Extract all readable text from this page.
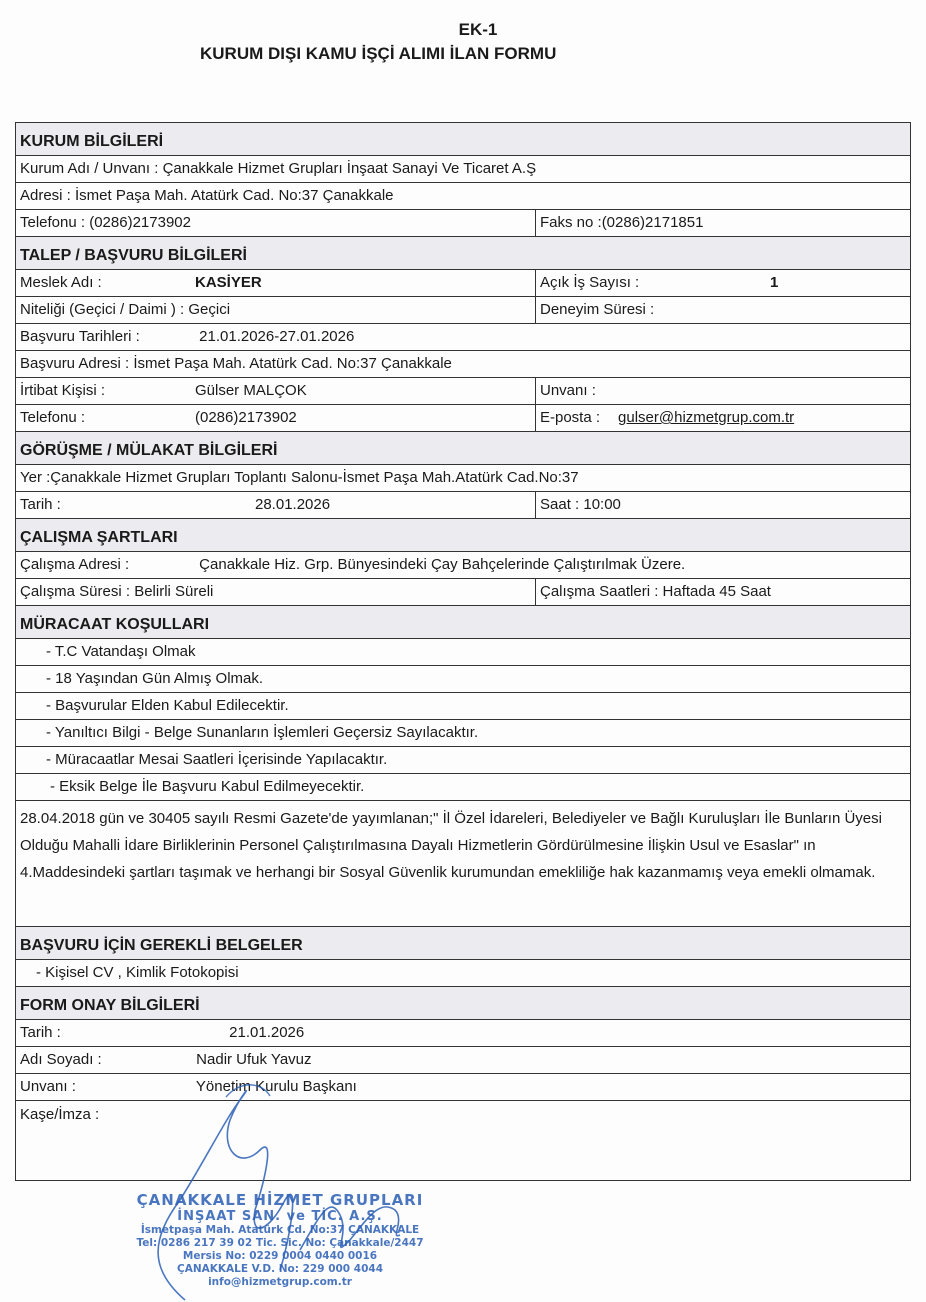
EK-1
KURUM DIŞI KAMU İŞÇİ ALIMI İLAN FORMU
KURUM BİLGİLERİ
Kurum Adı / Unvanı : Çanakkale Hizmet Grupları İnşaat Sanayi Ve Ticaret A.Ş
Adresi : İsmet Paşa Mah. Atatürk Cad. No:37 Çanakkale
Telefonu : (0286)2173902	Faks no :(0286)2171851
TALEP / BAŞVURU BİLGİLERİ
Meslek Adı :	KASİYER	Açık İş Sayısı :	1
Niteliği (Geçici / Daimi ) : Geçici	Deneyim Süresi :
Başvuru Tarihleri :	21.01.2026-27.01.2026
Başvuru Adresi : İsmet Paşa Mah. Atatürk Cad. No:37 Çanakkale
İrtibat Kişisi :	Gülser MALÇOK	Unvanı :
Telefonu :	(0286)2173902	E-posta : gulser@hizmetgrup.com.tr
GÖRÜŞME / MÜLAKAT BİLGİLERİ
Yer :Çanakkale Hizmet Grupları Toplantı Salonu-İsmet Paşa Mah.Atatürk Cad.No:37
Tarih :	28.01.2026	Saat : 10:00
ÇALIŞMA ŞARTLARI
Çalışma Adresi :	Çanakkale Hiz. Grp. Bünyesindeki Çay Bahçelerinde Çalıştırılmak Üzere.
Çalışma Süresi : Belirli Süreli	Çalışma Saatleri : Haftada 45 Saat
MÜRACAAT KOŞULLARI
- T.C Vatandaşı Olmak
- 18 Yaşından Gün Almış Olmak.
- Başvurular Elden Kabul Edilecektir.
- Yanıltıcı Bilgi - Belge Sunanların İşlemleri Geçersiz Sayılacaktır.
- Müracaatlar Mesai Saatleri İçerisinde Yapılacaktır.
- Eksik Belge İle Başvuru Kabul Edilmeyecektir.
28.04.2018 gün ve 30405 sayılı Resmi Gazete'de yayımlanan;" İl Özel İdareleri, Belediyeler ve Bağlı Kuruluşları İle Bunların Üyesi Olduğu Mahalli İdare Birliklerinin Personel Çalıştırılmasına Dayalı Hizmetlerin Gördürülmesine İlişkin Usul ve Esaslar" ın 4.Maddesindeki şartları taşımak ve herhangi bir Sosyal Güvenlik kurumundan emekliliğe hak kazanmamış veya emekli olmamak.
BAŞVURU İÇİN GEREKLİ BELGELER
- Kişisel CV , Kimlik Fotokopisi
FORM ONAY BİLGİLERİ
Tarih :	21.01.2026
Adı Soyadı :	Nadir Ufuk Yavuz
Unvanı :	Yönetim Kurulu Başkanı
Kaşe/İmza :
ÇANAKKALE HİZMET GRUPLARI
İNŞAAT SAN. ve TİC. A.Ş.
İsmetpaşa Mah. Atatürk Cd. No:37 ÇANAKKALE
Tel: 0286 217 39 02 Tic. Sic. No: Çanakkale/2447
Mersis No: 0229 0004 0440 0016
ÇANAKKALE V.D. No: 229 000 4044
info@hizmetgrup.com.tr
